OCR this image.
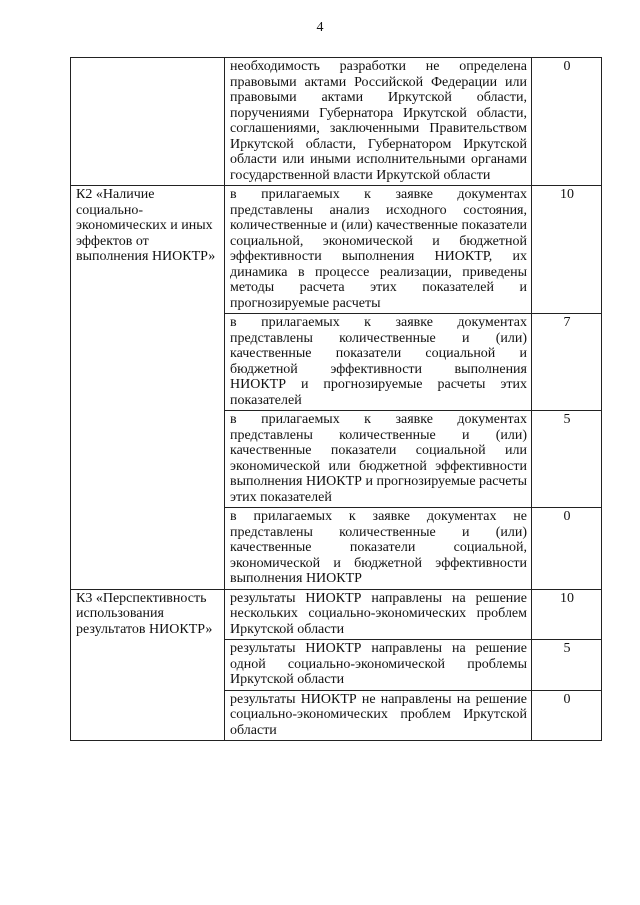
4
	необходимость разработки не определена правовыми актами Российской Федерации или правовыми актами Иркутской области, поручениями Губернатора Иркутской области, соглашениями, заключенными Правительством Иркутской области, Губернатором Иркутской области или иными исполнительными органами государственной власти Иркутской области	0
К2 «Наличие социально-экономических и иных эффектов от выполнения НИОКТР»	в прилагаемых к заявке документах представлены анализ исходного состояния, количественные и (или) качественные показатели социальной, экономической и бюджетной эффективности выполнения НИОКТР, их динамика в процессе реализации, приведены методы расчета этих показателей и прогнозируемые расчеты	10
	в прилагаемых к заявке документах представлены количественные и (или) качественные показатели социальной и бюджетной эффективности выполнения НИОКТР и прогнозируемые расчеты этих показателей	7
	в прилагаемых к заявке документах представлены количественные и (или) качественные показатели социальной или экономической или бюджетной эффективности выполнения НИОКТР и прогнозируемые расчеты этих показателей	5
	в прилагаемых к заявке документах не представлены количественные и (или) качественные показатели социальной, экономической и бюджетной эффективности выполнения НИОКТР	0
К3 «Перспективность использования результатов НИОКТР»	результаты НИОКТР направлены на решение нескольких социально-экономических проблем Иркутской области	10
	результаты НИОКТР направлены на решение одной социально-экономической проблемы Иркутской области	5
	результаты НИОКТР не направлены на решение социально-экономических проблем Иркутской области	0
